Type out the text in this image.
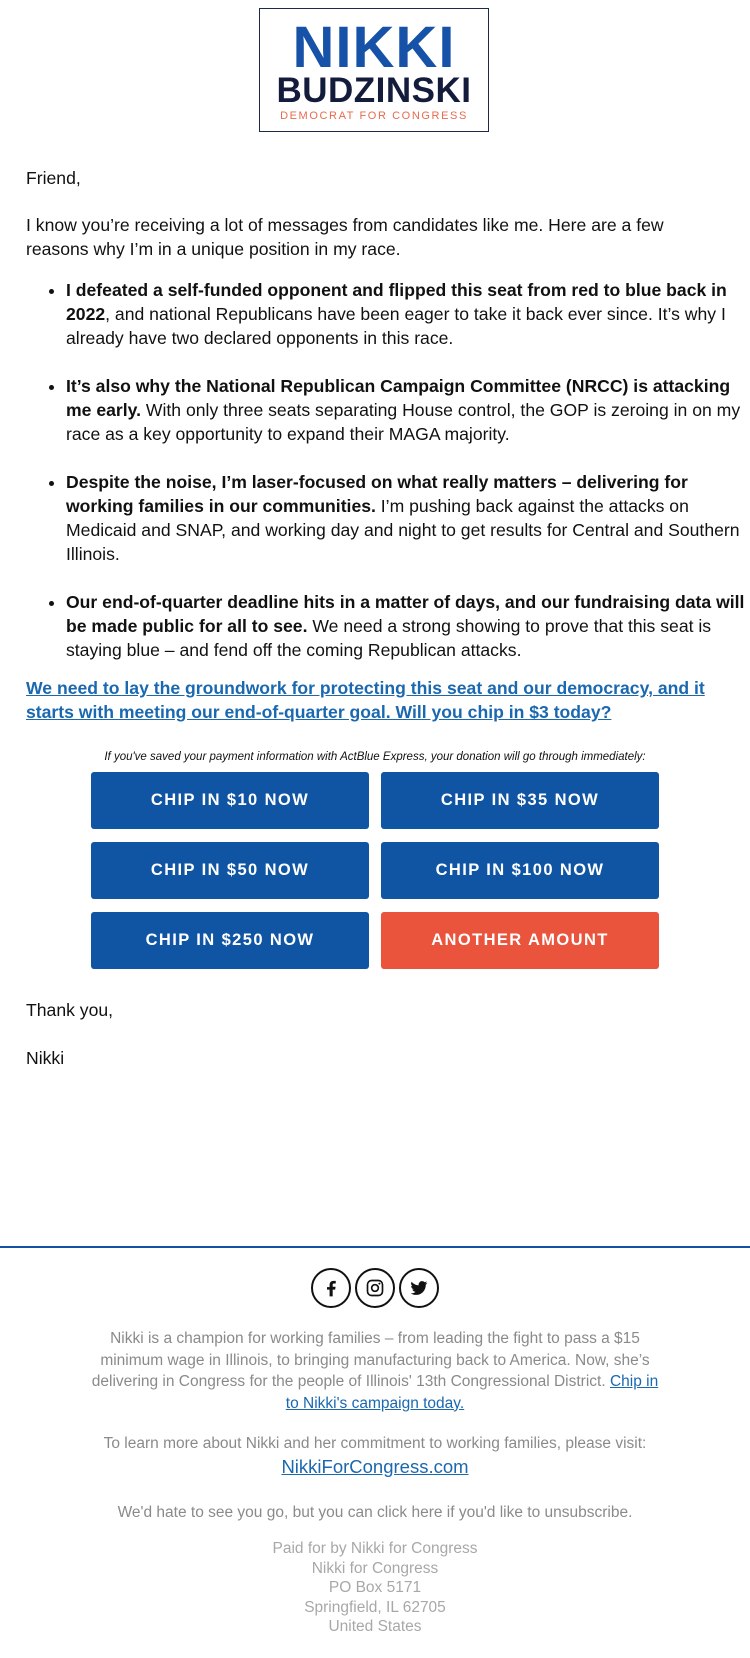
NIKKI
BUDZINSKI
DEMOCRAT FOR CONGRESS

Friend,

I know you’re receiving a lot of messages from candidates like me. Here are a few reasons why I’m in a unique position in my race.

• I defeated a self-funded opponent and flipped this seat from red to blue back in 2022, and national Republicans have been eager to take it back ever since. It’s why I already have two declared opponents in this race.
• It’s also why the National Republican Campaign Committee (NRCC) is attacking me early. With only three seats separating House control, the GOP is zeroing in on my race as a key opportunity to expand their MAGA majority.
• Despite the noise, I’m laser-focused on what really matters – delivering for working families in our communities. I’m pushing back against the attacks on Medicaid and SNAP, and working day and night to get results for Central and Southern Illinois.
• Our end-of-quarter deadline hits in a matter of days, and our fundraising data will be made public for all to see. We need a strong showing to prove that this seat is staying blue – and fend off the coming Republican attacks.
We need to lay the groundwork for protecting this seat and our democracy, and it starts with meeting our end-of-quarter goal. Will you chip in $3 today?
If you've saved your payment information with ActBlue Express, your donation will go through immediately:
CHIP IN $10 NOW	CHIP IN $35 NOW
CHIP IN $50 NOW	CHIP IN $100 NOW
CHIP IN $250 NOW	ANOTHER AMOUNT

Thank you,

Nikki

Nikki is a champion for working families – from leading the fight to pass a $15 minimum wage in Illinois, to bringing manufacturing back to America. Now, she’s delivering in Congress for the people of Illinois' 13th Congressional District. Chip in to Nikki's campaign today.

To learn more about Nikki and her commitment to working families, please visit:

NikkiForCongress.com

We'd hate to see you go, but you can click here if you'd like to unsubscribe.

Paid for by Nikki for Congress
Nikki for Congress
PO Box 5171
Springfield, IL 62705
United States
